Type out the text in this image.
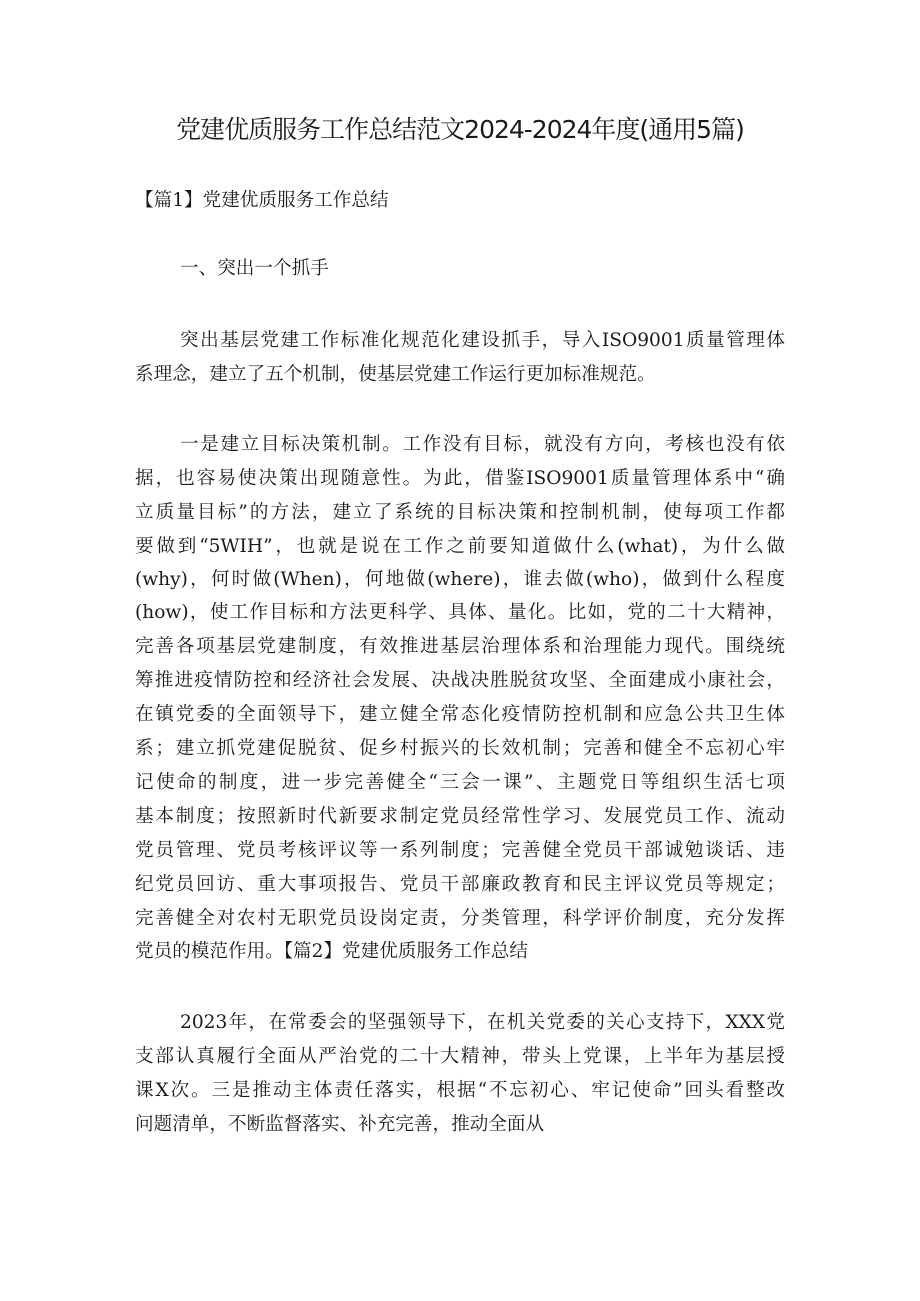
党建优质服务工作总结范文2024-2024年度(通用5篇)

【篇1】党建优质服务工作总结

一、突出一个抓手

突出基层党建工作标准化规范化建设抓手，导入ISO9001质量管理体

系理念，建立了五个机制，使基层党建工作运行更加标准规范。

一是建立目标决策机制。工作没有目标，就没有方向，考核也没有依

据，也容易使决策出现随意性。为此，借鉴ISO9001质量管理体系中“确

立质量目标”的方法，建立了系统的目标决策和控制机制，使每项工作都

要做到“5WIH”，也就是说在工作之前要知道做什么(what)，为什么做

(why)，何时做(When)，何地做(where)，谁去做(who)，做到什么程度

(how)，使工作目标和方法更科学、具体、量化。比如，党的二十大精神，

完善各项基层党建制度，有效推进基层治理体系和治理能力现代。围绕统

筹推进疫情防控和经济社会发展、决战决胜脱贫攻坚、全面建成小康社会，

在镇党委的全面领导下，建立健全常态化疫情防控机制和应急公共卫生体

系；建立抓党建促脱贫、促乡村振兴的长效机制；完善和健全不忘初心牢

记使命的制度，进一步完善健全“三会一课”、主题党日等组织生活七项

基本制度；按照新时代新要求制定党员经常性学习、发展党员工作、流动

党员管理、党员考核评议等一系列制度；完善健全党员干部诚勉谈话、违

纪党员回访、重大事项报告、党员干部廉政教育和民主评议党员等规定；

完善健全对农村无职党员设岗定责，分类管理，科学评价制度，充分发挥

党员的模范作用。【篇2】党建优质服务工作总结

2023年，在常委会的坚强领导下，在机关党委的关心支持下，XXX党

支部认真履行全面从严治党的二十大精神，带头上党课，上半年为基层授

课X次。三是推动主体责任落实，根据“不忘初心、牢记使命”回头看整改

问题清单，不断监督落实、补充完善，推动全面从
